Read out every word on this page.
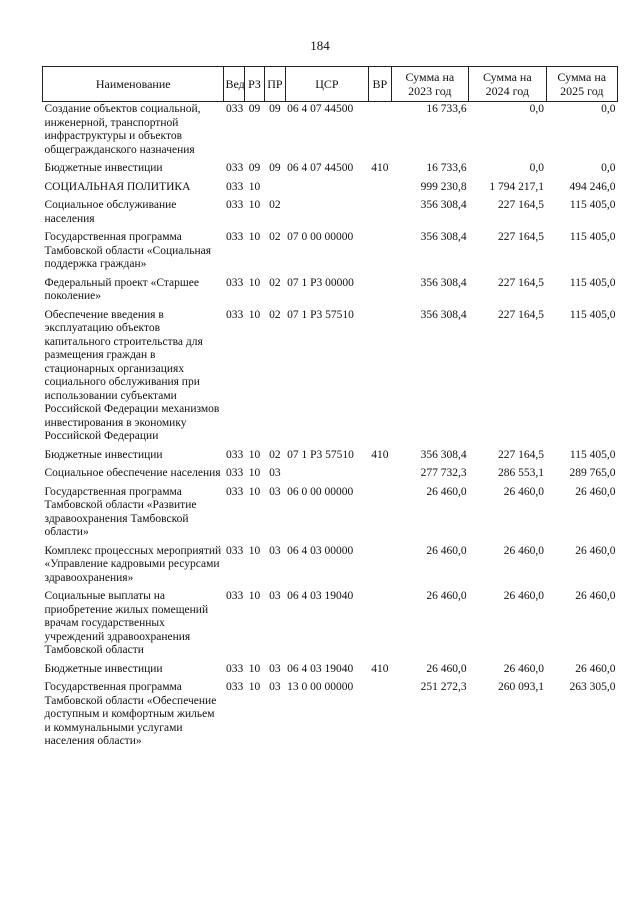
184
Наименование	Вед	РЗ	ПР	ЦСР	ВР	Сумма на 2023 год	Сумма на 2024 год	Сумма на 2025 год
Создание объектов социальной, инженерной, транспортной инфраструктуры и объектов общегражданского назначения	033	09	09	06 4 07 44500		16 733,6	0,0	0,0
Бюджетные инвестиции	033	09	09	06 4 07 44500	410	16 733,6	0,0	0,0
СОЦИАЛЬНАЯ ПОЛИТИКА	033	10				999 230,8	1 794 217,1	494 246,0
Социальное обслуживание населения	033	10	02			356 308,4	227 164,5	115 405,0
Государственная программа Тамбовской области «Социальная поддержка граждан»	033	10	02	07 0 00 00000		356 308,4	227 164,5	115 405,0
Федеральный проект «Старшее поколение»	033	10	02	07 1 P3 00000		356 308,4	227 164,5	115 405,0
Обеспечение введения в эксплуатацию объектов капитального строительства для размещения граждан в стационарных организациях социального обслуживания при использовании субъектами Российской Федерации механизмов инвестирования в экономику Российской Федерации	033	10	02	07 1 P3 57510		356 308,4	227 164,5	115 405,0
Бюджетные инвестиции	033	10	02	07 1 P3 57510	410	356 308,4	227 164,5	115 405,0
Социальное обеспечение населения	033	10	03			277 732,3	286 553,1	289 765,0
Государственная программа Тамбовской области «Развитие здравоохранения Тамбовской области»	033	10	03	06 0 00 00000		26 460,0	26 460,0	26 460,0
Комплекс процессных мероприятий «Управление кадровыми ресурсами здравоохранения»	033	10	03	06 4 03 00000		26 460,0	26 460,0	26 460,0
Социальные выплаты на приобретение жилых помещений врачам государственных учреждений здравоохранения Тамбовской области	033	10	03	06 4 03 19040		26 460,0	26 460,0	26 460,0
Бюджетные инвестиции	033	10	03	06 4 03 19040	410	26 460,0	26 460,0	26 460,0
Государственная программа Тамбовской области «Обеспечение доступным и комфортным жильем и коммунальными услугами населения области»	033	10	03	13 0 00 00000		251 272,3	260 093,1	263 305,0
